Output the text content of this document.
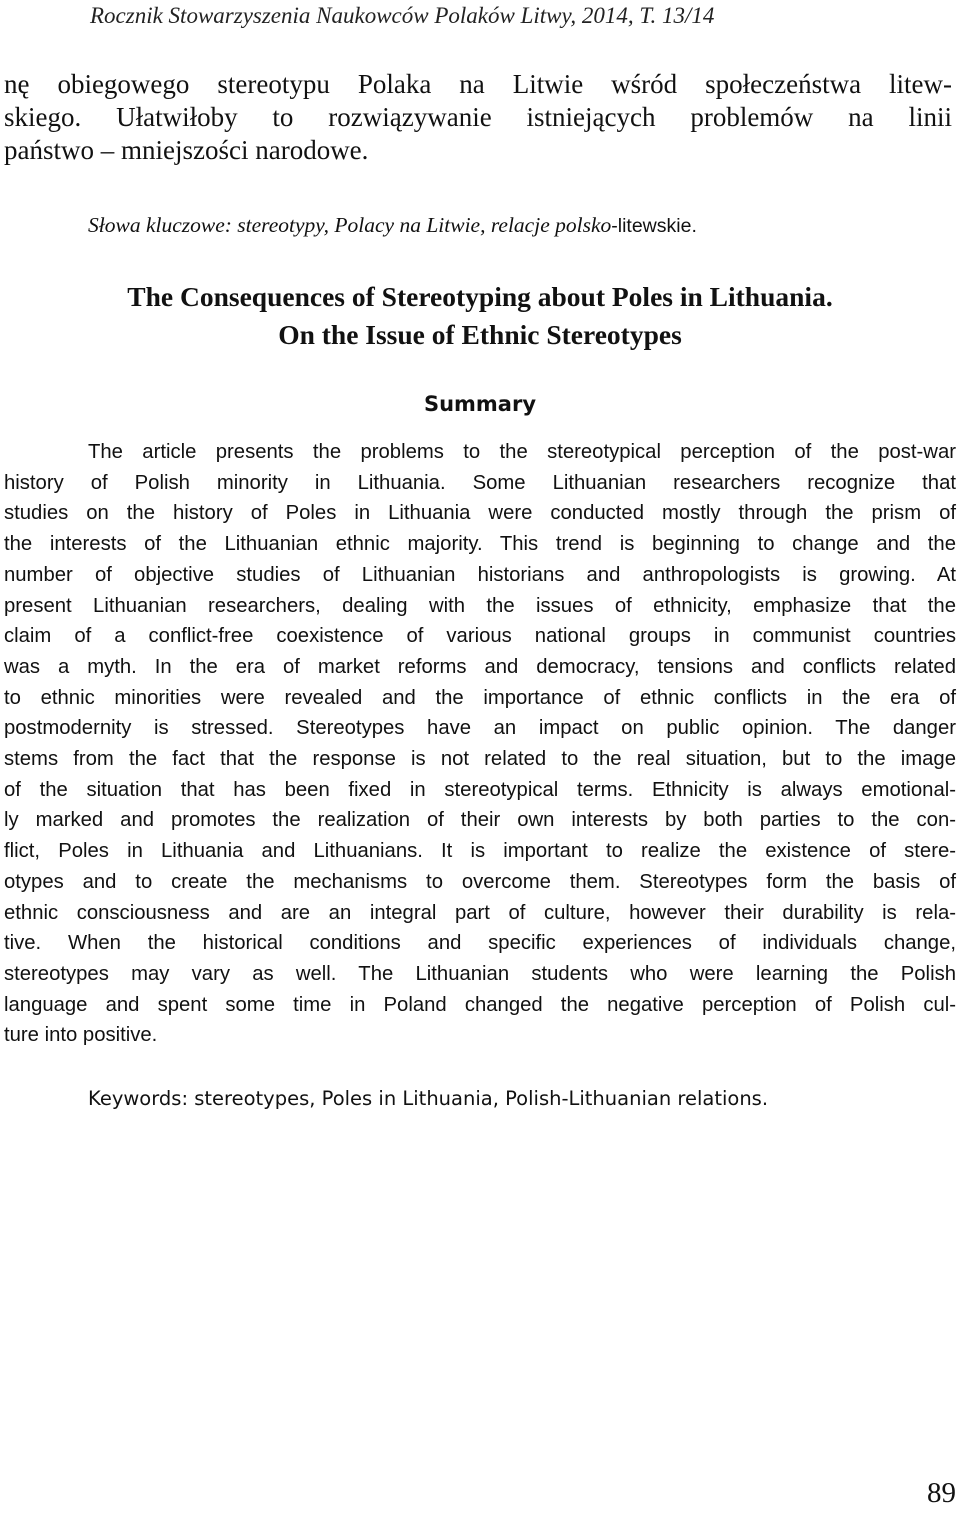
Rocznik Stowarzyszenia Naukowców Polaków Litwy, 2014, T. 13/14
nę obiegowego stereotypu Polaka na Litwie wśród społeczeństwa litew-
skiego. Ułatwiłoby to rozwiązywanie istniejących problemów na linii
państwo – mniejszości narodowe.
Słowa kluczowe: stereotypy, Polacy na Litwie, relacje polsko-litewskie.
The Consequences of Stereotyping about Poles in Lithuania.
On the Issue of Ethnic Stereotypes
Summary
The article presents the problems to the stereotypical perception of the post-war
history of Polish minority in Lithuania. Some Lithuanian researchers recognize that
studies on the history of Poles in Lithuania were conducted mostly through the prism of
the interests of the Lithuanian ethnic majority. This trend is beginning to change and the
number of objective studies of Lithuanian historians and anthropologists is growing. At
present Lithuanian researchers, dealing with the issues of ethnicity, emphasize that the
claim of a conflict-free coexistence of various national groups in communist countries
was a myth. In the era of market reforms and democracy, tensions and conflicts related
to ethnic minorities were revealed and the importance of ethnic conflicts in the era of
postmodernity is stressed. Stereotypes have an impact on public opinion. The danger
stems from the fact that the response is not related to the real situation, but to the image
of the situation that has been fixed in stereotypical terms. Ethnicity is always emotional-
ly marked and promotes the realization of their own interests by both parties to the con-
flict, Poles in Lithuania and Lithuanians. It is important to realize the existence of stere-
otypes and to create the mechanisms to overcome them. Stereotypes form the basis of
ethnic consciousness and are an integral part of culture, however their durability is rela-
tive. When the historical conditions and specific experiences of individuals change,
stereotypes may vary as well. The Lithuanian students who were learning the Polish
language and spent some time in Poland changed the negative perception of Polish cul-
ture into positive.
Keywords: stereotypes, Poles in Lithuania, Polish-Lithuanian relations.
89
